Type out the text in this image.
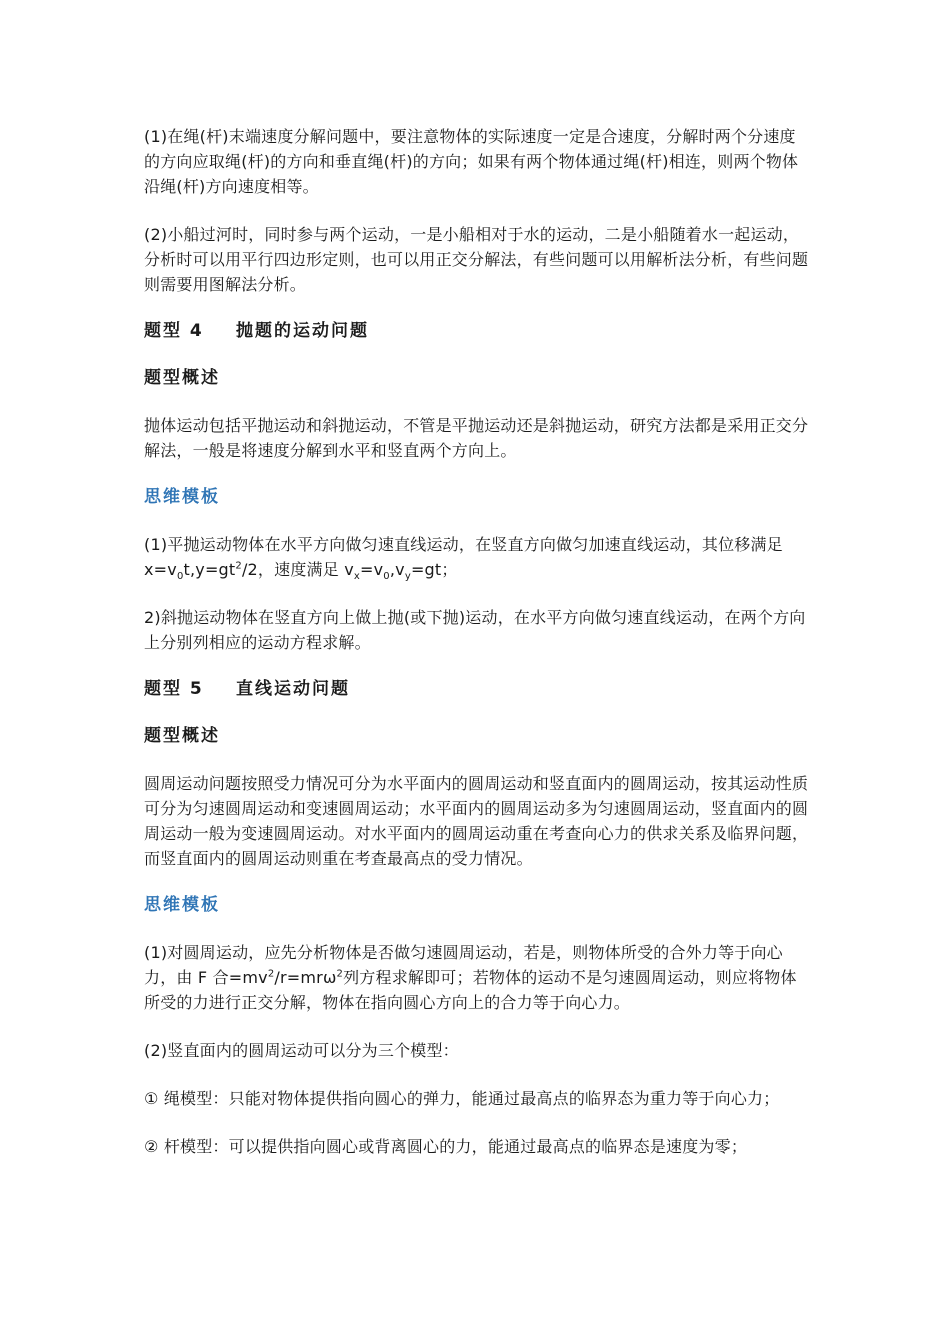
(1)在绳(杆)末端速度分解问题中，要注意物体的实际速度一定是合速度，分解时两个分速度的方向应取绳(杆)的方向和垂直绳(杆)的方向；如果有两个物体通过绳(杆)相连，则两个物体沿绳(杆)方向速度相等。

(2)小船过河时，同时参与两个运动，一是小船相对于水的运动，二是小船随着水一起运动，分析时可以用平行四边形定则，也可以用正交分解法，有些问题可以用解析法分析，有些问题则需要用图解法分析。

题型 4 抛题的运动问题

题型概述

抛体运动包括平抛运动和斜抛运动，不管是平抛运动还是斜抛运动，研究方法都是采用正交分解法，一般是将速度分解到水平和竖直两个方向上。

思维模板

(1)平抛运动物体在水平方向做匀速直线运动，在竖直方向做匀加速直线运动，其位移满足 $x=v_0t,y=gt^2/2$，速度满足 $v_x=v_0,v_y=gt$；

2)斜抛运动物体在竖直方向上做上抛(或下抛)运动，在水平方向做匀速直线运动，在两个方向上分别列相应的运动方程求解。

题型 5 直线运动问题

题型概述

圆周运动问题按照受力情况可分为水平面内的圆周运动和竖直面内的圆周运动，按其运动性质可分为匀速圆周运动和变速圆周运动；水平面内的圆周运动多为匀速圆周运动，竖直面内的圆周运动一般为变速圆周运动。对水平面内的圆周运动重在考查向心力的供求关系及临界问题，而竖直面内的圆周运动则重在考查最高点的受力情况。

思维模板

(1)对圆周运动，应先分析物体是否做匀速圆周运动，若是，则物体所受的合外力等于向心力，由 F 合$=mv^2/r=mr\omega^2$列方程求解即可；若物体的运动不是匀速圆周运动，则应将物体所受的力进行正交分解，物体在指向圆心方向上的合力等于向心力。

(2)竖直面内的圆周运动可以分为三个模型：

① 绳模型：只能对物体提供指向圆心的弹力，能通过最高点的临界态为重力等于向心力；

② 杆模型：可以提供指向圆心或背离圆心的力，能通过最高点的临界态是速度为零；
